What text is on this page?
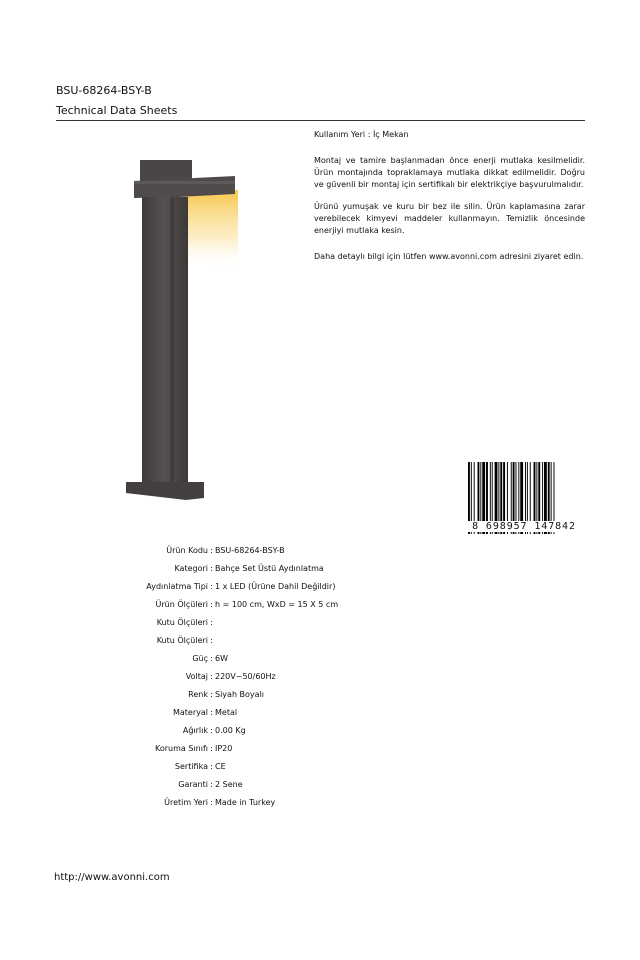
BSU-68264-BSY-B
Technical Data Sheets
Kullanım Yeri : İç Mekan
Montaj ve tamire başlanmadan önce enerji mutlaka kesilmelidir. Ürün montajında topraklamaya mutlaka dikkat edilmelidir. Doğru ve güvenli bir montaj için sertifikalı bir elektrikçiye başvurulmalıdır.
Ürünü yumuşak ve kuru bir bez ile silin. Ürün kaplamasına zarar verebilecek kimyevi maddeler kullanmayın. Temizlik öncesinde enerjiyi mutlaka kesin.
Daha detaylı bilgi için lütfen www.avonni.com adresini ziyaret edin.
8 698957 147842
Ürün Kodu : BSU-68264-BSY-B
Kategori : Bahçe Set Üstü Aydınlatma
Aydınlatma Tipi : 1 x LED (Ürüne Dahil Değildir)
Ürün Ölçüleri : h = 100 cm, WxD = 15 X 5 cm
Kutu Ölçüleri :
Kutu Ölçüleri :
Güç : 6W
Voltaj : 220V~50/60Hz
Renk : Siyah Boyalı
Materyal : Metal
Ağırlık : 0.00 Kg
Koruma Sınıfı : IP20
Sertifika : CE
Garanti : 2 Sene
Üretim Yeri : Made in Turkey
http://www.avonni.com
